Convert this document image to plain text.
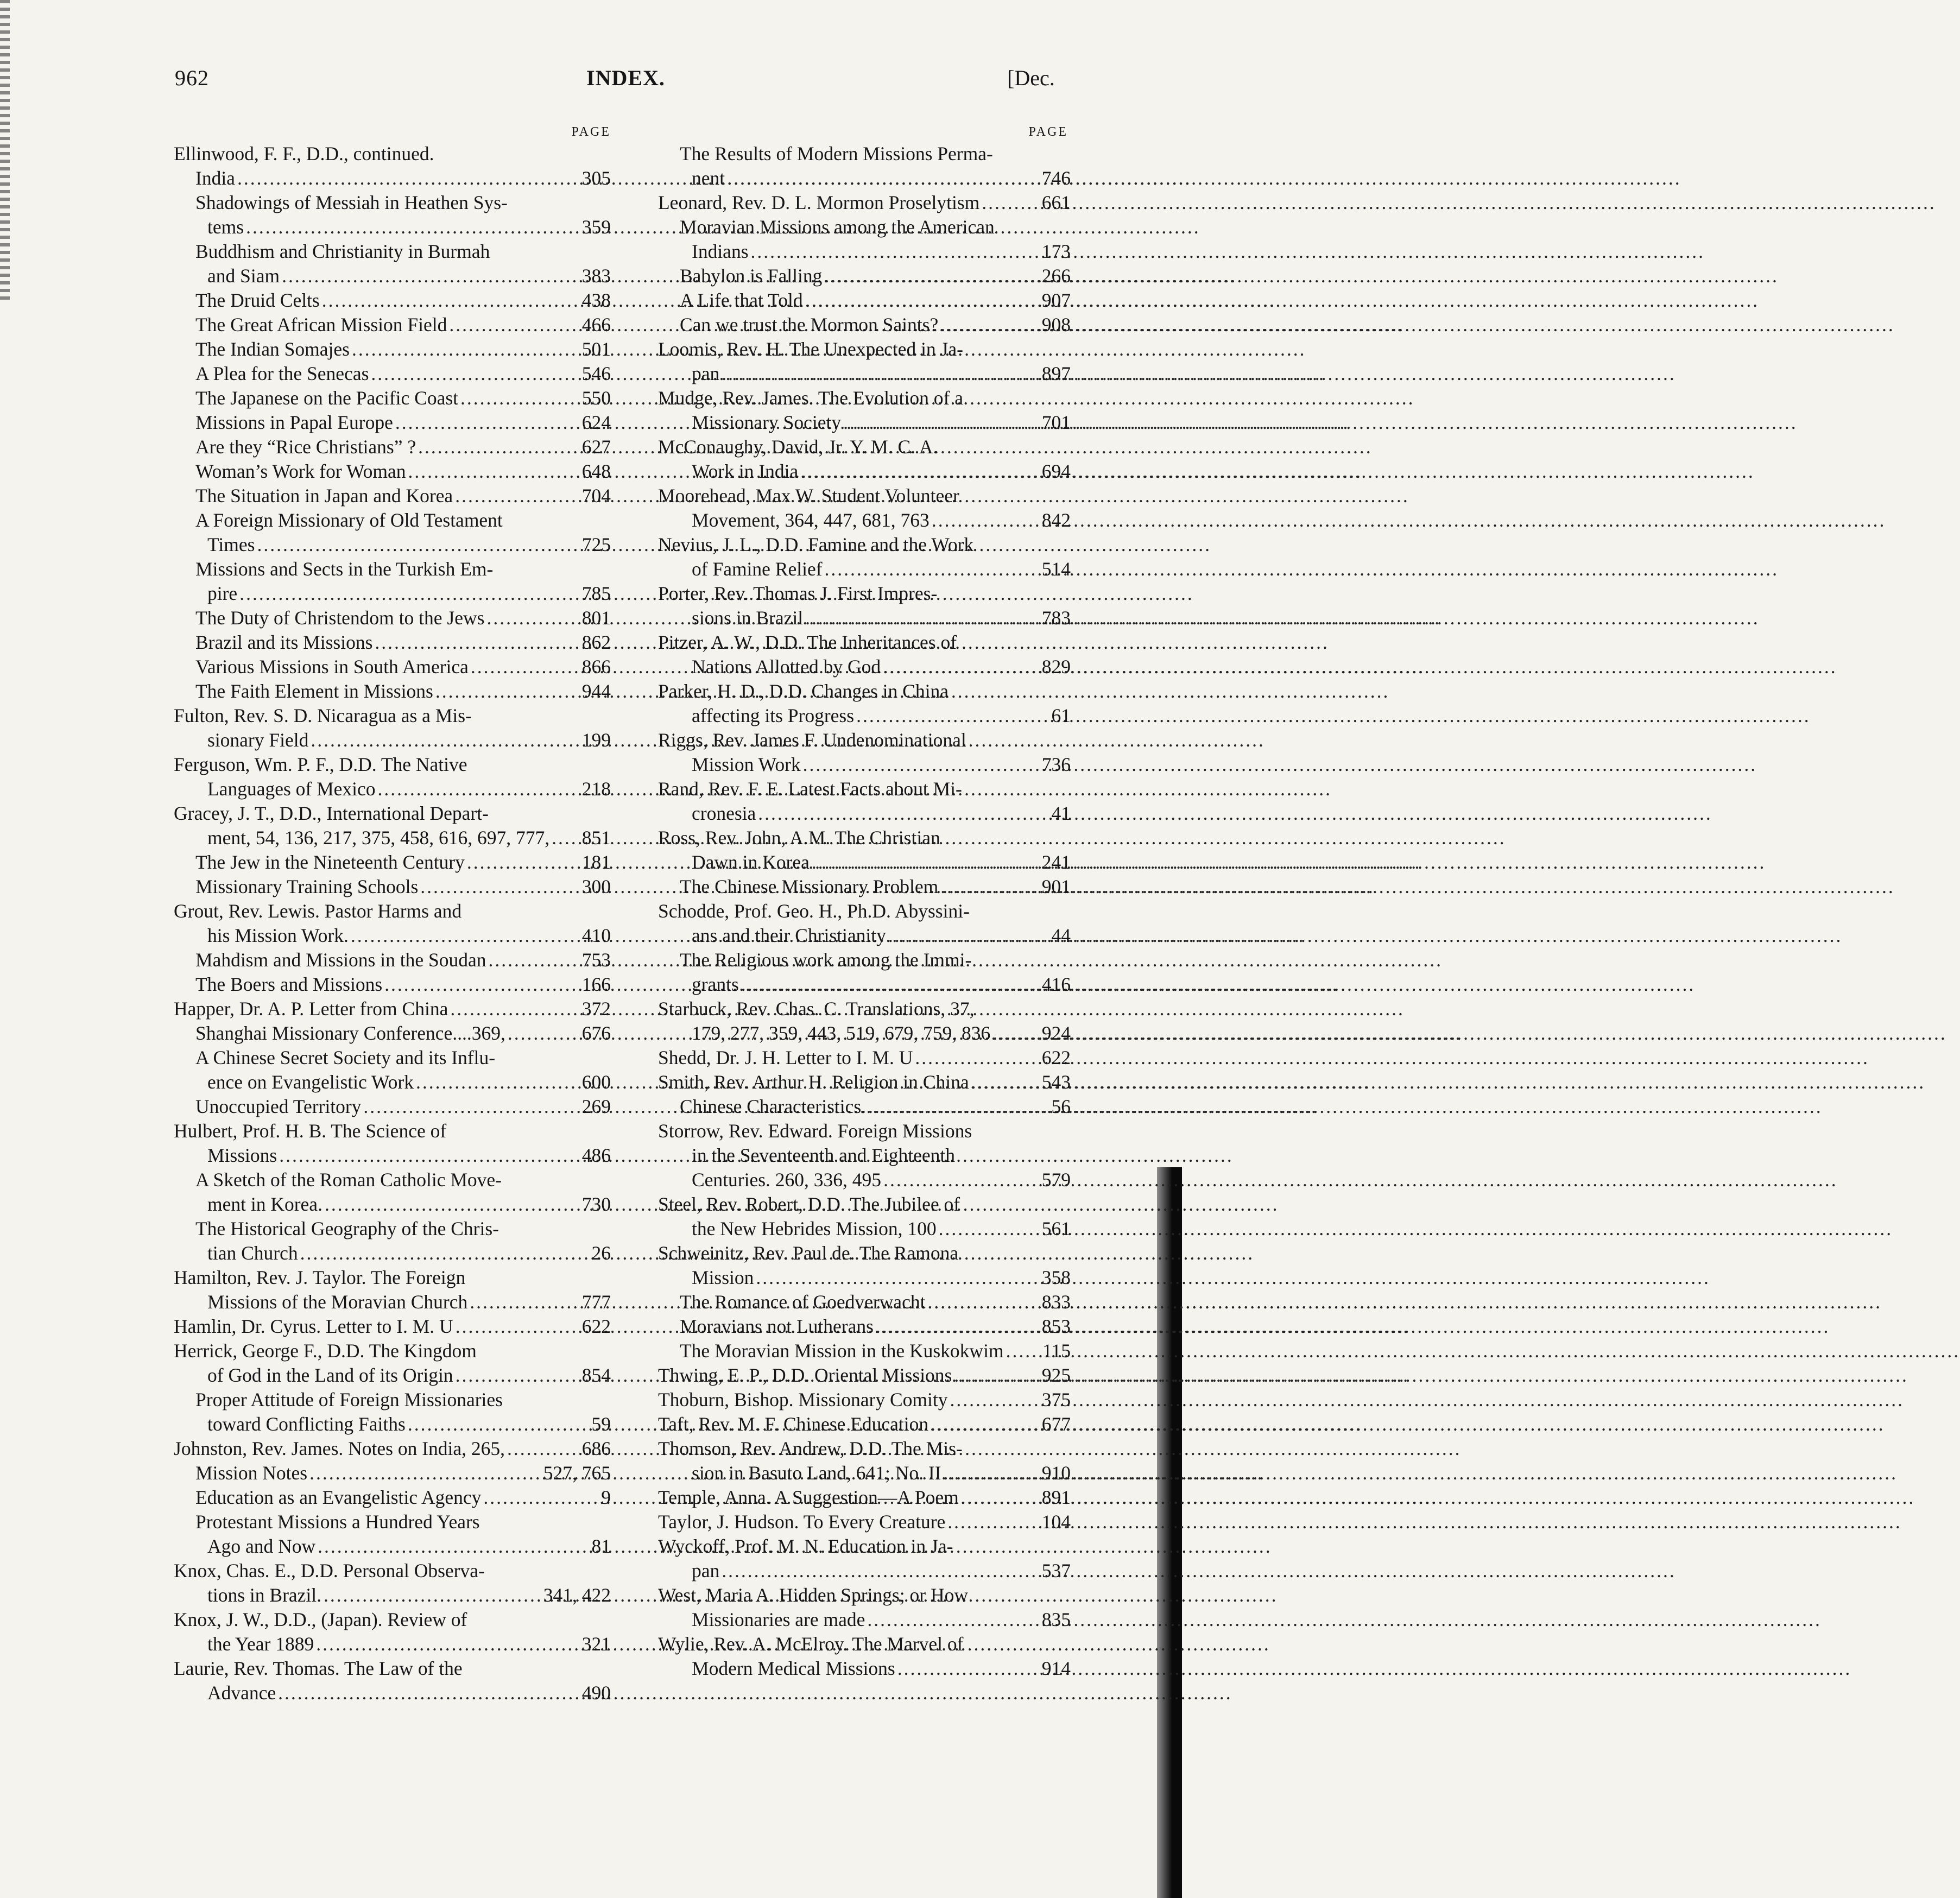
962	INDEX.	[Dec.
PAGE
Ellinwood, F. F., D.D., continued.
India .....	305
Shadowings of Messiah in Heathen Sys-
tems .....	359
Buddhism and Christianity in Burmah
and Siam .....	383
The Druid Celts .....	438
The Great African Mission Field .....	466
The Indian Somajes .....	501
A Plea for the Senecas .....	546
The Japanese on the Pacific Coast .....	550
Missions in Papal Europe .....	624
Are they “Rice Christians” ? .....	627
Woman’s Work for Woman .....	648
The Situation in Japan and Korea .....	704
A Foreign Missionary of Old Testament
Times .....	725
Missions and Sects in the Turkish Em-
pire .....	785
The Duty of Christendom to the Jews .....	801
Brazil and its Missions .....	862
Various Missions in South America .....	866
The Faith Element in Missions .....	944
Fulton, Rev. S. D. Nicaragua as a Mis-
sionary Field .....	199
Ferguson, Wm. P. F., D.D. The Native
Languages of Mexico .....	218
Gracey, J. T., D.D., International Depart-
ment, 54, 136, 217, 375, 458, 616, 697, 777, ..... 851
The Jew in the Nineteenth Century .....	181
Missionary Training Schools .....	300
Grout, Rev. Lewis. Pastor Harms and
his Mission Work. .....	410
Mahdism and Missions in the Soudan .....	753
The Boers and Missions .....	166
Happer, Dr. A. P. Letter from China .....	372
Shanghai Missionary Conference....369, .....	676
A Chinese Secret Society and its Influ-
ence on Evangelistic Work .....	600
Unoccupied Territory .....	269
Hulbert, Prof. H. B. The Science of
Missions .....	486
A Sketch of the Roman Catholic Move-
ment in Korea. .....	730
The Historical Geography of the Chris-
tian Church .....	26
Hamilton, Rev. J. Taylor. The Foreign
Missions of the Moravian Church .....	777
Hamlin, Dr. Cyrus. Letter to I. M. U .....	622
Herrick, George F., D.D. The Kingdom
of God in the Land of its Origin .....	854
Proper Attitude of Foreign Missionaries
toward Conflicting Faiths .....	59
Johnston, Rev. James. Notes on India, 265, .....	686
Mission Notes .....	527, 765
Education as an Evangelistic Agency .....	9
Protestant Missions a Hundred Years
Ago and Now .....	81
Knox, Chas. E., D.D. Personal Observa-
tions in Brazil. .....	341, 422
Knox, J. W., D.D., (Japan). Review of
the Year 1889 .....	321
Laurie, Rev. Thomas. The Law of the
Advance .....	490
PAGE
The Results of Modern Missions Perma-
nent .....	746
Leonard, Rev. D. L. Mormon Proselytism .....	661
Moravian Missions among the American
Indians .....	173
Babylon is Falling .....	266
A Life that Told .....	907
Can we trust the Mormon Saints? .....	908
Loomis, Rev. H. The Unexpected in Ja-
pan .....	897
Mudge, Rev. James. The Evolution of a
Missionary Society .....	701
McConaughy, David, Jr. Y. M. C. A.
Work in India .....	694
Moorehead, Max W. Student Volunteer
Movement, 364, 447, 681, 763 .....	842
Nevius, J. L., D.D. Famine and the Work
of Famine Relief .....	514
Porter, Rev. Thomas J. First Impres-
sions in Brazil .....	783
Pitzer, A. W., D.D. The Inheritances of
Nations Allotted by God .....	829
Parker, H. D., D.D. Changes in China
affecting its Progress .....	61
Riggs, Rev. James F. Undenominational
Mission Work .....	736
Rand, Rev. F. E. Latest Facts about Mi-
cronesia .....	41
Ross, Rev. John, A.M. The Christian
Dawn in Korea .....	241
The Chinese Missionary Problem .....	901
Schodde, Prof. Geo. H., Ph.D. Abyssini-
ans and their Christianity .....	44
The Religious work among the Immi-
grants .....	416
Starbuck, Rev. Chas. C. Translations, 37,
179, 277, 359, 443, 519, 679, 759, 836 .....	924
Shedd, Dr. J. H. Letter to I. M. U .....	622
Smith, Rev. Arthur H. Religion in China .....	543
Chinese Characteristics. .....	56
Storrow, Rev. Edward. Foreign Missions
in the Seventeenth and Eighteenth
Centuries. 260, 336, 495 .....	579
Steel, Rev. Robert, D.D. The Jubilee of
the New Hebrides Mission, 100 .....	561
Schweinitz, Rev. Paul de. The Ramona
Mission .....	358
The Romance of Goedverwacht .....	833
Moravians not Lutherans .....	853
The Moravian Mission in the Kuskokwim ..... 115
Thwing, E. P., D.D. Oriental Missions .....	925
Thoburn, Bishop. Missionary Comity .....	375
Taft, Rev. M. F. Chinese Education .....	677
Thomson, Rev. Andrew, D.D. The Mis-
sion in Basuto Land, 641; No. II .....	910
Temple, Anna. A Suggestion—A Poem .....	891
Taylor, J. Hudson. To Every Creature .....	104
Wyckoff, Prof. M. N. Education in Ja-
pan .....	537
West, Maria A. Hidden Springs; or How
Missionaries are made .....	835
Wylie, Rev. A. McElroy. The Marvel of
Modern Medical Missions .....	914
